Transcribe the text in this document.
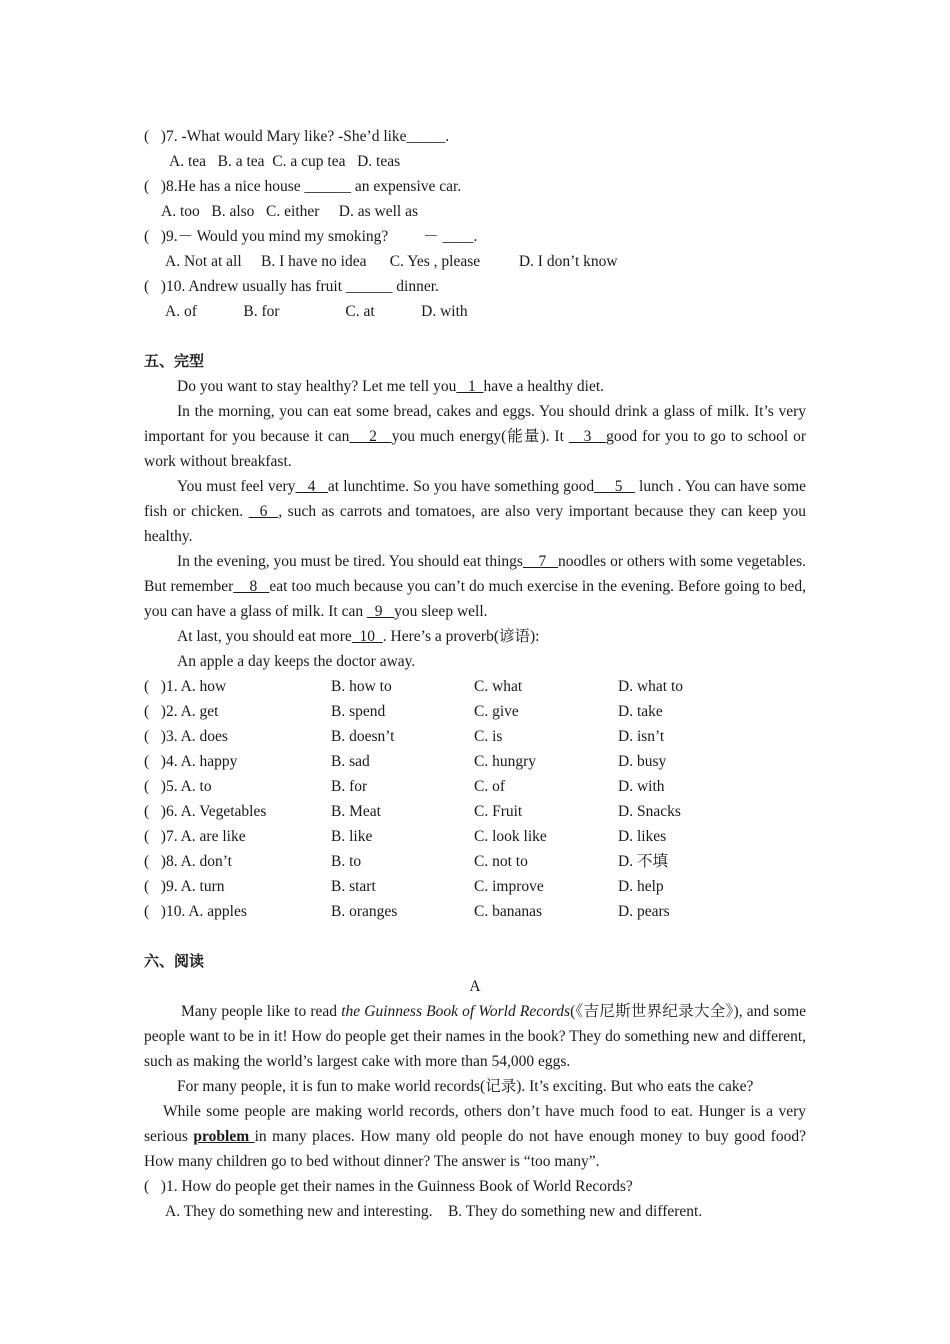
(   )7. -What would Mary like? -She’d like_____.
A. tea   B. a tea  C. a cup tea   D. teas
(   )8.He has a nice house ______ an expensive car.
A. too   B. also   C. either     D. as well as
(   )9.－ Would you mind my smoking?         － ____.
A. Not at all     B. I have no idea      C. Yes , please          D. I don’t know
(   )10. Andrew usually has fruit ______ dinner.
A. of            B. for                 C. at            D. with
五、完型
Do you want to stay healthy? Let me tell you   1  have a healthy diet.
In the morning, you can eat some bread, cakes and eggs. You should drink a glass of milk. It’s very important for you because it can    2   you much energy(能量). It    3   good for you to go to school or work without breakfast.
You must feel very   4   at lunchtime. So you have something good     5    lunch . You can have some fish or chicken.   6  , such as carrots and tomatoes, are also very important because they can keep you healthy.
In the evening, you must be tired. You should eat things    7   noodles or others with some vegetables. But remember    8   eat too much because you can’t do much exercise in the evening. Before going to bed, you can have a glass of milk. It can   9   you sleep well.
At last, you should eat more  10  . Here’s a proverb(谚语):
An apple a day keeps the doctor away.
(   )1. A. how	B. how to	C. what	D. what to
(   )2. A. get	B. spend	C. give	D. take
(   )3. A. does	B. doesn’t	C. is	D. isn’t
(   )4. A. happy	B. sad	C. hungry	D. busy
(   )5. A. to	B. for	C. of	D. with
(   )6. A. Vegetables	B. Meat	C. Fruit	D. Snacks
(   )7. A. are like	B. like	C. look like	D. likes
(   )8. A. don’t	B. to	C. not to	D. 不填
(   )9. A. turn	B. start	C. improve	D. help
(   )10. A. apples	B. oranges	C. bananas	D. pears
六、阅读
A
Many people like to read the Guinness Book of World Records(《吉尼斯世界纪录大全》), and some people want to be in it! How do people get their names in the book? They do something new and different, such as making the world’s largest cake with more than 54,000 eggs.
For many people, it is fun to make world records(记录). It’s exciting. But who eats the cake?
While some people are making world records, others don’t have much food to eat. Hunger is a very serious problem in many places. How many old people do not have enough money to buy good food? How many children go to bed without dinner? The answer is “too many”.
(   )1. How do people get their names in the Guinness Book of World Records?
A. They do something new and interesting.    B. They do something new and different.
